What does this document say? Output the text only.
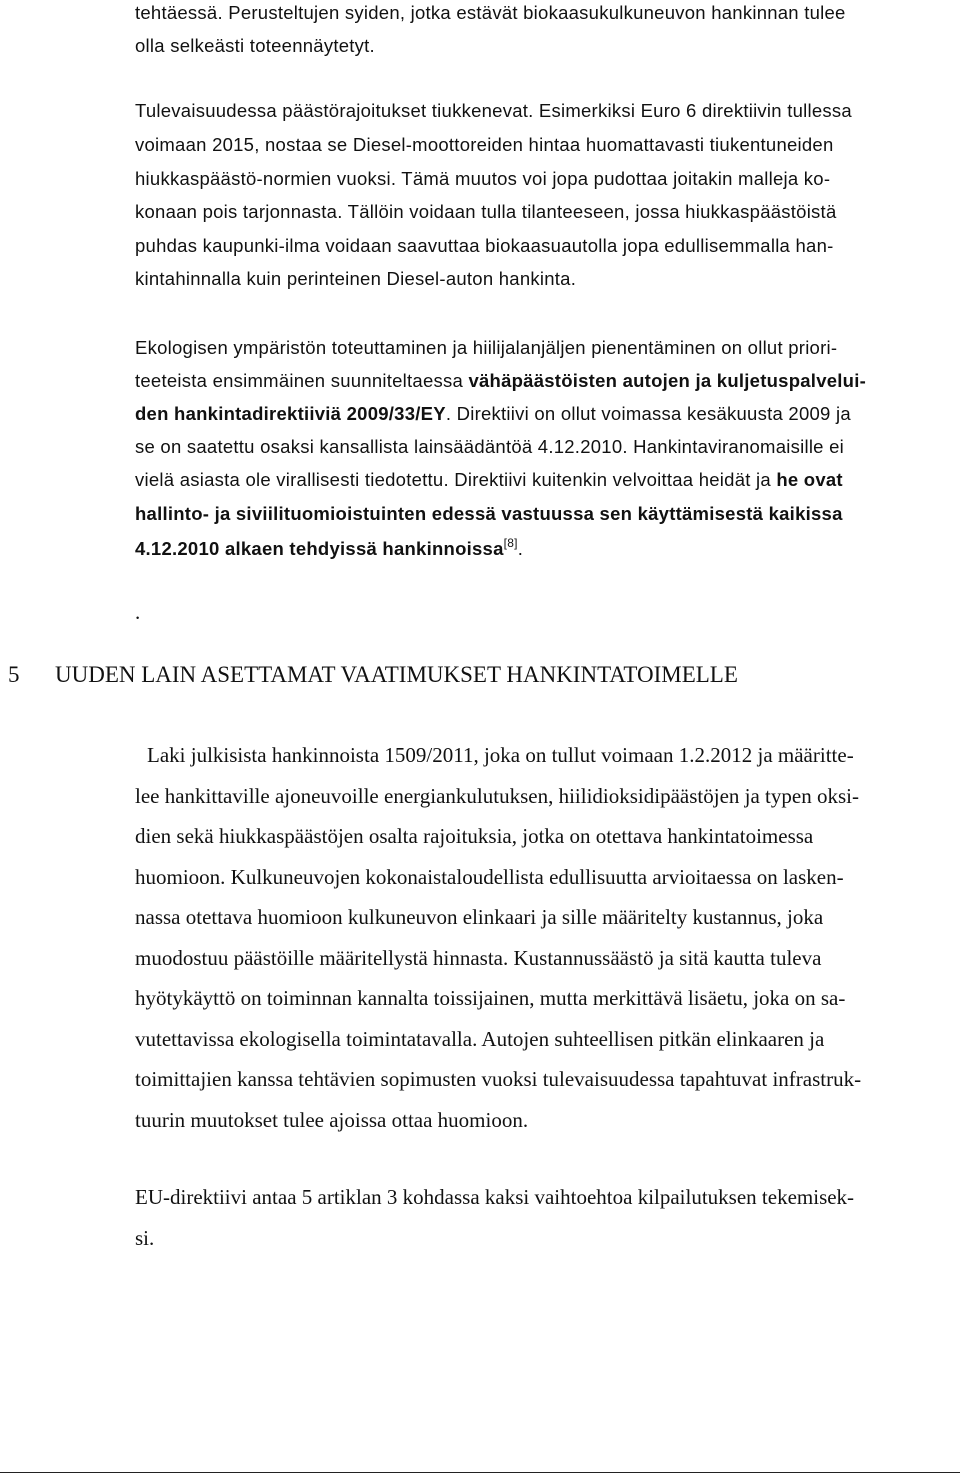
tehtäessä. Perusteltujen syiden, jotka estävät biokaasukulkuneuvon hankinnan tulee
olla selkeästi toteennäytetyt.
Tulevaisuudessa päästörajoitukset tiukkenevat. Esimerkiksi Euro 6 direktiivin tullessa
voimaan 2015, nostaa se Diesel-moottoreiden hintaa huomattavasti tiukentuneiden
hiukkaspäästö-normien vuoksi. Tämä muutos voi jopa pudottaa joitakin malleja ko-
konaan pois tarjonnasta. Tällöin voidaan tulla tilanteeseen, jossa hiukkaspäästöistä
puhdas kaupunki-ilma voidaan saavuttaa biokaasuautolla jopa edullisemmalla han-
kintahinnalla kuin perinteinen Diesel-auton hankinta.
Ekologisen ympäristön toteuttaminen ja hiilijalanjäljen pienentäminen on ollut priori-
teeteista ensimmäinen suunniteltaessa vähäpäästöisten autojen ja kuljetuspalvelui-
den hankintadirektiiviä 2009/33/EY. Direktiivi on ollut voimassa kesäkuusta 2009 ja
se on saatettu osaksi kansallista lainsäädäntöä 4.12.2010. Hankintaviranomaisille ei
vielä asiasta ole virallisesti tiedotettu. Direktiivi kuitenkin velvoittaa heidät ja he ovat
hallinto- ja siviilituomioistuinten edessä vastuussa sen käyttämisestä kaikissa
4.12.2010 alkaen tehdyissä hankinnoissa[8].
.
5 UUDEN LAIN ASETTAMAT VAATIMUKSET HANKINTATOIMELLE
Laki julkisista hankinnoista 1509/2011, joka on tullut voimaan 1.2.2012 ja määritte-
lee hankittaville ajoneuvoille energiankulutuksen, hiilidioksidipäästöjen ja typen oksi-
dien sekä hiukkaspäästöjen osalta rajoituksia, jotka on otettava hankintatoimessa
huomioon. Kulkuneuvojen kokonaistaloudellista edullisuutta arvioitaessa on lasken-
nassa otettava huomioon kulkuneuvon elinkaari ja sille määritelty kustannus, joka
muodostuu päästöille määritellystä hinnasta. Kustannussäästö ja sitä kautta tuleva
hyötykäyttö on toiminnan kannalta toissijainen, mutta merkittävä lisäetu, joka on sa-
vutettavissa ekologisella toimintatavalla. Autojen suhteellisen pitkän elinkaaren ja
toimittajien kanssa tehtävien sopimusten vuoksi tulevaisuudessa tapahtuvat infrastruk-
tuurin muutokset tulee ajoissa ottaa huomioon.
EU-direktiivi antaa 5 artiklan 3 kohdassa kaksi vaihtoehtoa kilpailutuksen tekemisek-
si.
